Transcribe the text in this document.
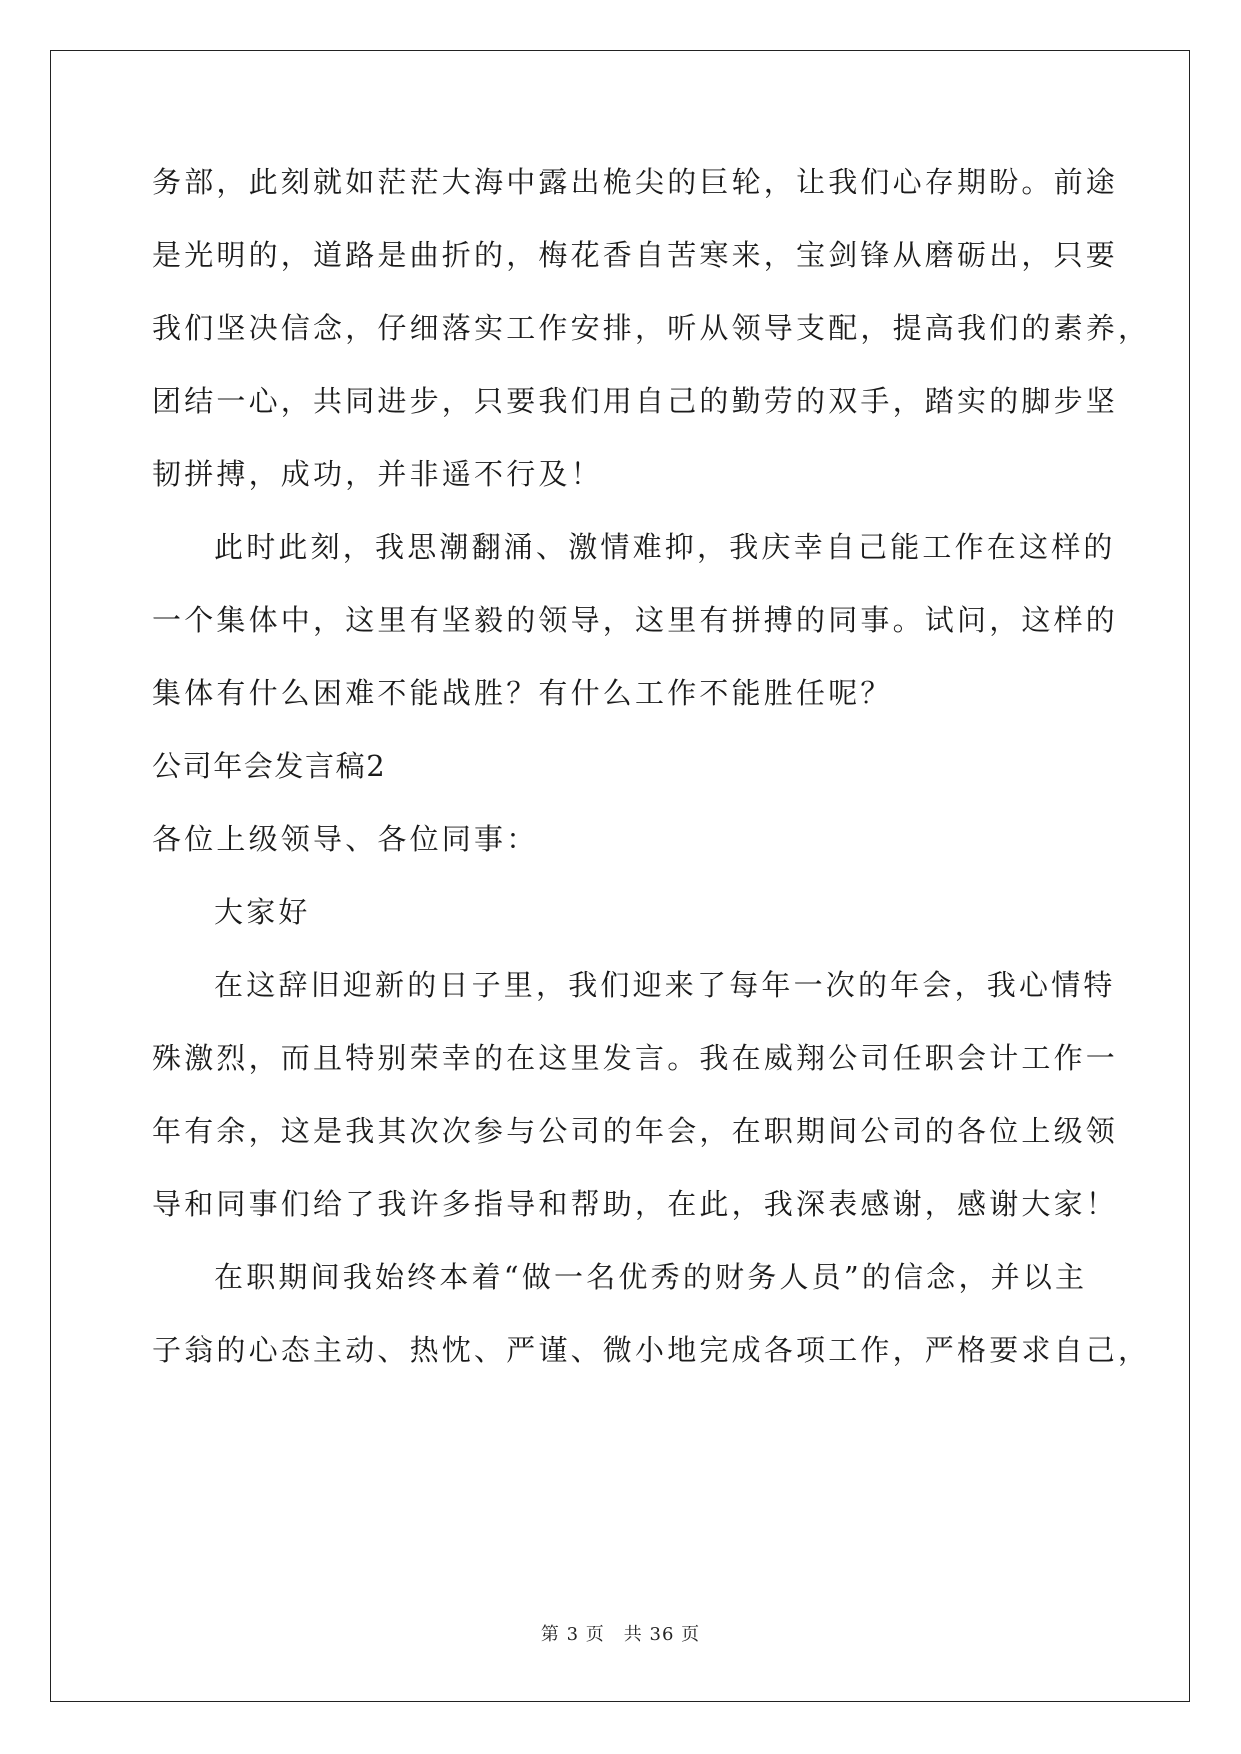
务部，此刻就如茫茫大海中露出桅尖的巨轮，让我们心存期盼。前途
是光明的，道路是曲折的，梅花香自苦寒来，宝剑锋从磨砺出，只要
我们坚决信念，仔细落实工作安排，听从领导支配，提高我们的素养，
团结一心，共同进步，只要我们用自己的勤劳的双手，踏实的脚步坚
韧拼搏，成功，并非遥不行及！
此时此刻，我思潮翻涌、激情难抑，我庆幸自己能工作在这样的
一个集体中，这里有坚毅的领导，这里有拼搏的同事。试问，这样的
集体有什么困难不能战胜？有什么工作不能胜任呢？
公司年会发言稿2
各位上级领导、各位同事：
大家好
在这辞旧迎新的日子里，我们迎来了每年一次的年会，我心情特
殊激烈，而且特别荣幸的在这里发言。我在威翔公司任职会计工作一
年有余，这是我其次次参与公司的年会，在职期间公司的各位上级领
导和同事们给了我许多指导和帮助，在此，我深表感谢，感谢大家！
在职期间我始终本着“做一名优秀的财务人员”的信念，并以主
子翁的心态主动、热忱、严谨、微小地完成各项工作，严格要求自己，
第 3 页　共 36 页
